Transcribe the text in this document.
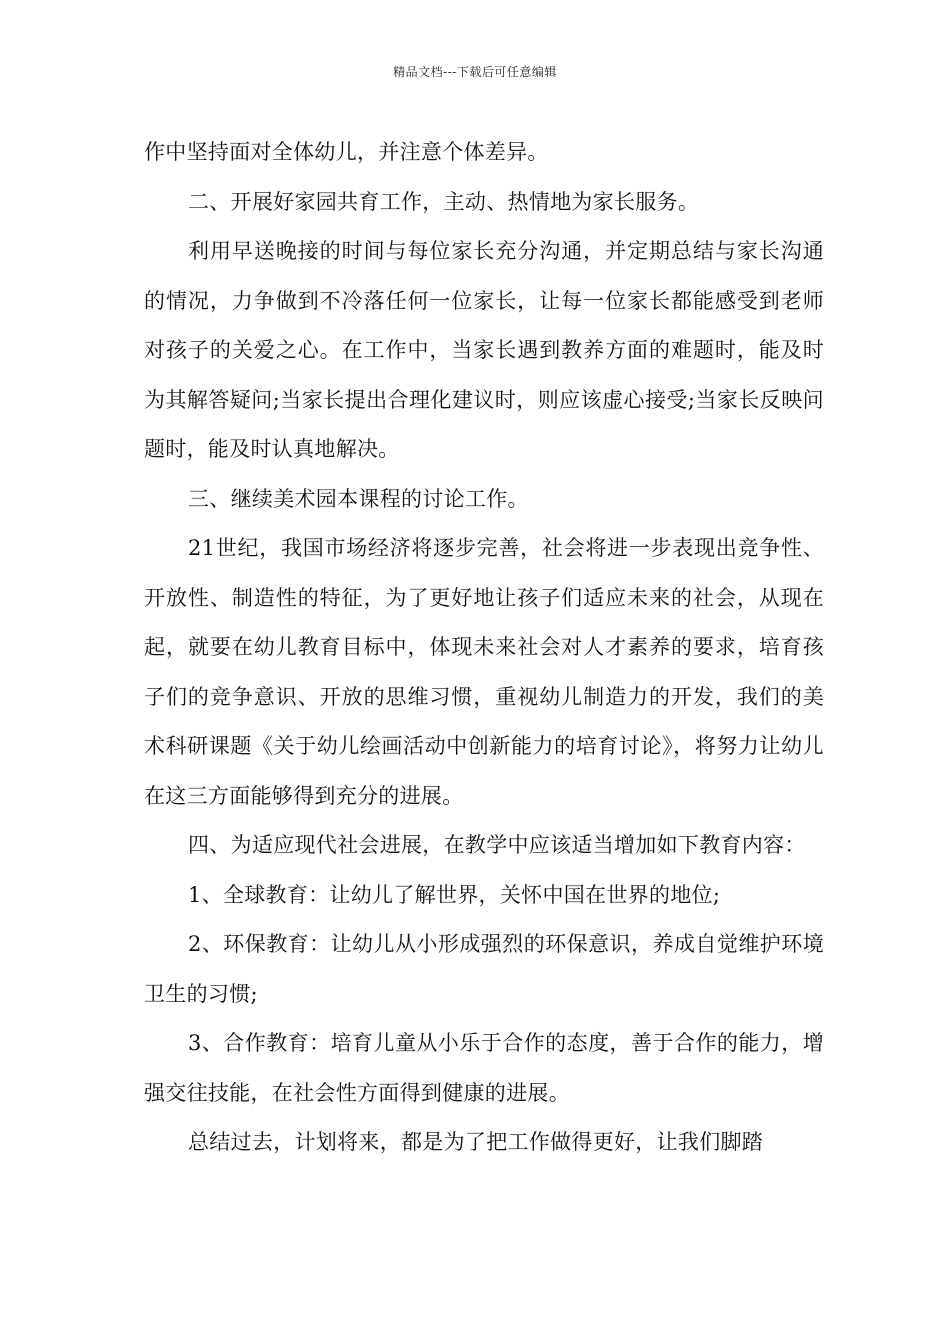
精品文档---下载后可任意编辑

作中坚持面对全体幼儿，并注意个体差异。

二、开展好家园共育工作，主动、热情地为家长服务。

利用早送晚接的时间与每位家长充分沟通，并定期总结与家长沟通的情况，力争做到不冷落任何一位家长，让每一位家长都能感受到老师对孩子的关爱之心。在工作中，当家长遇到教养方面的难题时，能及时为其解答疑问;当家长提出合理化建议时，则应该虚心接受;当家长反映问题时，能及时认真地解决。

三、继续美术园本课程的讨论工作。

21世纪，我国市场经济将逐步完善，社会将进一步表现出竞争性、开放性、制造性的特征，为了更好地让孩子们适应未来的社会，从现在起，就要在幼儿教育目标中，体现未来社会对人才素养的要求，培育孩子们的竞争意识、开放的思维习惯，重视幼儿制造力的开发，我们的美术科研课题《关于幼儿绘画活动中创新能力的培育讨论》，将努力让幼儿在这三方面能够得到充分的进展。

四、为适应现代社会进展，在教学中应该适当增加如下教育内容：

1、全球教育：让幼儿了解世界，关怀中国在世界的地位;

2、环保教育：让幼儿从小形成强烈的环保意识，养成自觉维护环境卫生的习惯;

3、合作教育：培育儿童从小乐于合作的态度，善于合作的能力，增强交往技能，在社会性方面得到健康的进展。

总结过去，计划将来，都是为了把工作做得更好，让我们脚踏
